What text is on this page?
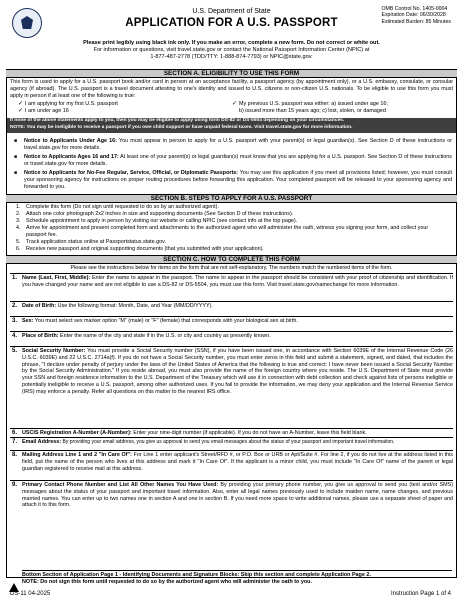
U.S. Department of State
APPLICATION FOR A U.S. PASSPORT
OMB Control No. 1405-0004
Expiration Date: 06/30/2028
Estimated Burden: 85 Minutes
Please print legibly using black ink only. If you make an error, complete a new form. Do not correct or white out.
For information or questions, visit travel.state.gov or contact the National Passport Information Center (NPIC) at
1-877-487-2778 (TDD/TTY: 1-888-874-7793) or NPIC@state.gov.
SECTION A. ELIGIBILITY TO USE THIS FORM
This form is used to apply for a U.S. passport book and/or card in person at an acceptance facility, a passport agency (by appointment only), or a U.S. embassy, consulate, or consular agency (if abroad). The U.S. passport is a travel document attesting to one's identity and issued to U.S. citizens or non-citizen U.S. nationals. To be eligible to use this form you must apply in person if at least one of the following is true:
✓ I am applying for my first U.S. passport
✓ I am under age 16
✓ My previous U.S. passport was either: a) issued under age 16;
b) issued more than 15 years ago; c) lost, stolen, or damaged
If none of the above statements apply to you, then you may be eligible to apply using form DS-82 or DS-5504 depending on your circumstances.
NOTE: You may be ineligible to receive a passport if you owe child support or have unpaid federal taxes. Visit travel.state.gov for more information.
■ Notice to Applicants Under Age 16: You must appear in person to apply for a U.S. passport with your parent(s) or legal guardian(s). See Section D of these instructions or travel.state.gov for more details.
■ Notice to Applicants Ages 16 and 17: At least one of your parent(s) or legal guardian(s) must know that you are applying for a U.S. passport. See Section D of these instructions or travel.state.gov for more details.
■ Notice to Applicants for No-Fee Regular, Service, Official, or Diplomatic Passports: You may use this application if you meet all provisions listed; however, you must consult your sponsoring agency for instructions on proper routing procedures before forwarding this application. Your completed passport will be released to your sponsoring agency and forwarded to you.
SECTION B. STEPS TO APPLY FOR A U.S. PASSPORT
1. Complete this form (Do not sign until requested to do so by an authorized agent).
2. Attach one color photograph 2x2 inches in size and supporting documents (See Section D of these instructions).
3. Schedule appointment to apply in person by visiting our website or calling NPIC (see contact info at the top page).
4. Arrive for appointment and present completed form and attachments to the authorized agent who will administer the oath, witness you signing your form, and collect your passport fee.
5. Track application status online at Passportstatus.state.gov.
6. Receive new passport and original supporting documents (that you submitted with your application).
SECTION C. HOW TO COMPLETE THIS FORM
Please see the instructions below for items on the form that are not self-explanatory. The numbers match the numbered items of the form.
1. Name (Last, First, Middle): Enter the name to appear in the passport. The name to appear in the passport should be consistent with your proof of citizenship and identification. If you have changed your name and are not eligible to use a DS-82 or DS-5504, you must use this form. Visit travel.state.gov/namechange for more information.
2. Date of Birth: Use the following format: Month, Date, and Year (MM/DD/YYYY).
3. Sex: You must select sex marker option "M" (male) or "F" (female) that corresponds with your biological sex at birth.
4. Place of Birth: Enter the name of the city and state if in the U.S. or city and country as presently known.
5. Social Security Number: You must provide a Social Security number (SSN), if you have been issued one, in accordance with Section 6039E of the Internal Revenue Code (26 U.S.C. 6039E) and 22 U.S.C. 2714a(f). If you do not have a Social Security number, you must enter zeros in this field and submit a statement, signed, and dated, that includes the phrase, "I declare under penalty of perjury under the laws of the United States of America that the following is true and correct: I have never been issued a Social Security Number by the Social Security Administration." If you reside abroad, you must also provide the name of the foreign country where you reside. The U.S. Department of State must provide your SSN and foreign residence information to the U.S. Department of the Treasury which will use it in connection with debt collection and check against lists of persons ineligible or potentially ineligible to receive a U.S. passport, among other authorized uses. If you fail to provide the information, we may deny your application and the Internal Revenue Service (IRS) may enforce a penalty. Refer all questions on this matter to the nearest IRS office.
6. USCIS Registration A-Number (A-Number): Enter your nine-digit number (if applicable). If you do not have an A-Number, leave this field blank.
7. Email Address: By providing your email address, you give us approval to send you email messages about the status of your passport and important travel information.
8. Mailing Address Line 1 and 2 "In Care Of": For Line 1 enter applicant's Street/RFD #, or P.O. Box or URB or Apt/Suite #. For line 2, if you do not live at the address listed in this field, put the name of the person who lives at this address and mark it "In Care Of". If the applicant is a minor child, you must include "In Care Of" name of the parent or legal guardian registered to receive mail at this address.
9. Primary Contact Phone Number and List All Other Names You Have Used: By providing your primary phone number, you give us approval to send you (text and/or SMS) messages about the status of your passport and important travel information. Also, enter all legal names previously used to include maiden name, name changes, and previous married names. You can enter up to two names one in section A and one in section B. If you need more space to write additional names, please use a separate sheet of paper and attach it to this form.
Bottom Section of Application Page 1 - Identifying Documents and Signature Blocks: Skip this section and complete Application Page 2.
NOTE: Do not sign this form until requested to do so by the authorized agent who will administer the oath to you.
DS-11 04-2025	Instruction Page 1 of 4
